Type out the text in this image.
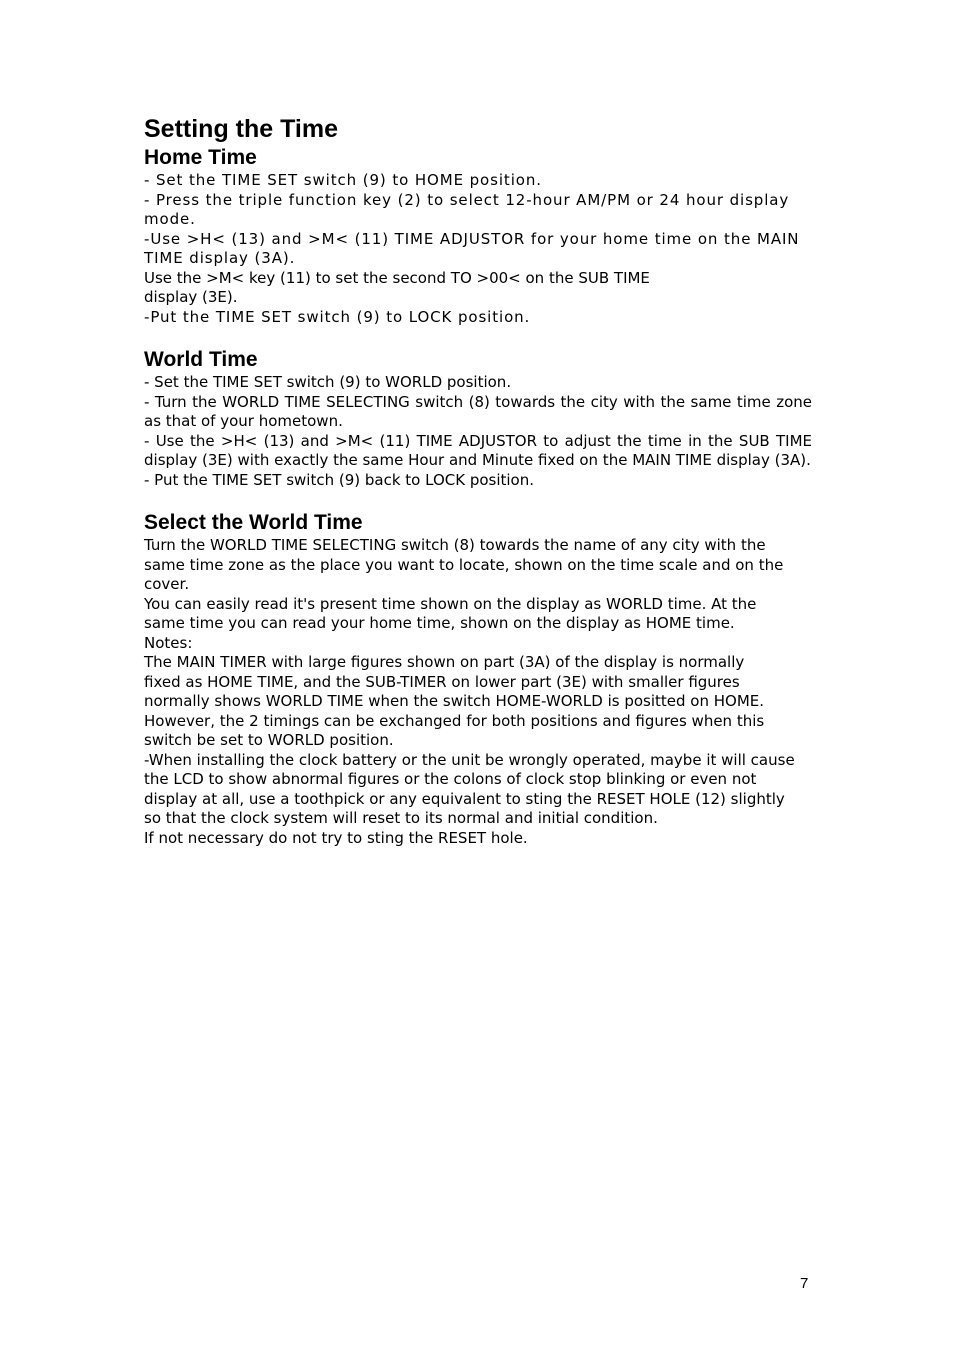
Setting the Time
Home Time

- Set the TIME SET switch (9) to HOME position.

- Press the triple function key (2) to select 12-hour AM/PM or 24 hour display mode.

-Use >H< (13) and >M< (11) TIME ADJUSTOR for your home time on the MAIN TIME display (3A).

Use the >M< key (11) to set the second TO >00< on the SUB TIME display (3E).

-Put the TIME SET switch (9) to LOCK position.

World Time

- Set the TIME SET switch (9) to WORLD position.

- Turn the WORLD TIME SELECTING switch (8) towards the city with the same time zone as that of your hometown.

- Use the >H< (13) and >M< (11) TIME ADJUSTOR to adjust the time in the SUB TIME display (3E) with exactly the same Hour and Minute fixed on the MAIN TIME display (3A).

- Put the TIME SET switch (9) back to LOCK position.

Select the World Time

Turn the WORLD TIME SELECTING switch (8) towards the name of any city with the same time zone as the place you want to locate, shown on the time scale and on the cover.

You can easily read it's present time shown on the display as WORLD time. At the same time you can read your home time, shown on the display as HOME time.

Notes:

The MAIN TIMER with large figures shown on part (3A) of the display is normally fixed as HOME TIME, and the SUB-TIMER on lower part (3E) with smaller figures normally shows WORLD TIME when the switch HOME-WORLD is positted on HOME.

However, the 2 timings can be exchanged for both positions and figures when this switch be set to WORLD position.

-When installing the clock battery or the unit be wrongly operated, maybe it will cause the LCD to show abnormal figures or the colons of clock stop blinking or even not display at all, use a toothpick or any equivalent to sting the RESET HOLE (12) slightly so that the clock system will reset to its normal and initial condition.

If not necessary do not try to sting the RESET hole.

7
